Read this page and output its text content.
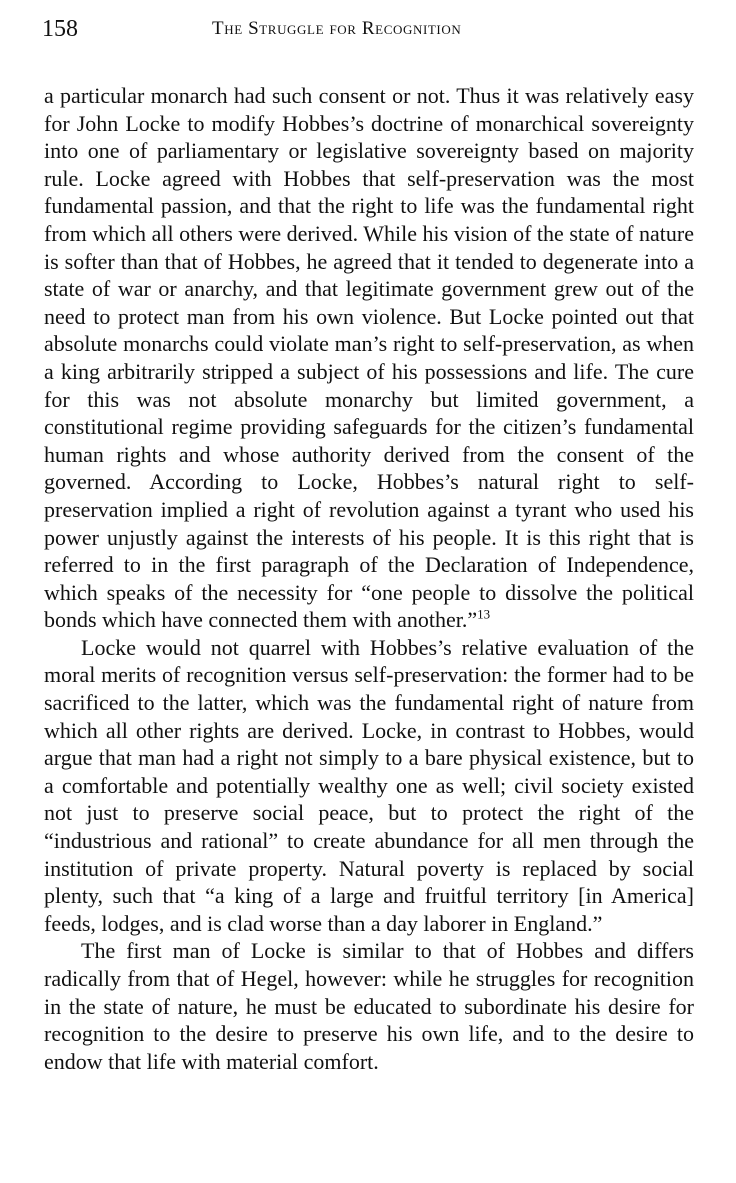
158	The Struggle for Recognition

a particular monarch had such consent or not. Thus it was relatively easy for John Locke to modify Hobbes’s doctrine of monarchical sovereignty into one of parliamentary or legislative sovereignty based on majority rule. Locke agreed with Hobbes that self-preservation was the most fundamental passion, and that the right to life was the fundamental right from which all others were derived. While his vision of the state of nature is softer than that of Hobbes, he agreed that it tended to degenerate into a state of war or anarchy, and that legitimate government grew out of the need to protect man from his own violence. But Locke pointed out that absolute monarchs could violate man’s right to self-preservation, as when a king arbitrarily stripped a subject of his possessions and life. The cure for this was not absolute monarchy but limited government, a constitutional regime providing safeguards for the citizen’s fundamental human rights and whose authority derived from the consent of the governed. According to Locke, Hobbes’s natural right to self-preservation implied a right of revolution against a tyrant who used his power unjustly against the interests of his people. It is this right that is referred to in the first paragraph of the Declaration of Independence, which speaks of the necessity for “one people to dissolve the political bonds which have connected them with another.”$^{13}$

Locke would not quarrel with Hobbes’s relative evaluation of the moral merits of recognition versus self-preservation: the former had to be sacrificed to the latter, which was the fundamental right of nature from which all other rights are derived. Locke, in contrast to Hobbes, would argue that man had a right not simply to a bare physical existence, but to a comfortable and potentially wealthy one as well; civil society existed not just to preserve social peace, but to protect the right of the “industrious and rational” to create abundance for all men through the institution of private property. Natural poverty is replaced by social plenty, such that “a king of a large and fruitful territory [in America] feeds, lodges, and is clad worse than a day laborer in England.”

The first man of Locke is similar to that of Hobbes and differs radically from that of Hegel, however: while he struggles for recognition in the state of nature, he must be educated to subordinate his desire for recognition to the desire to preserve his own life, and to the desire to endow that life with material comfort.
